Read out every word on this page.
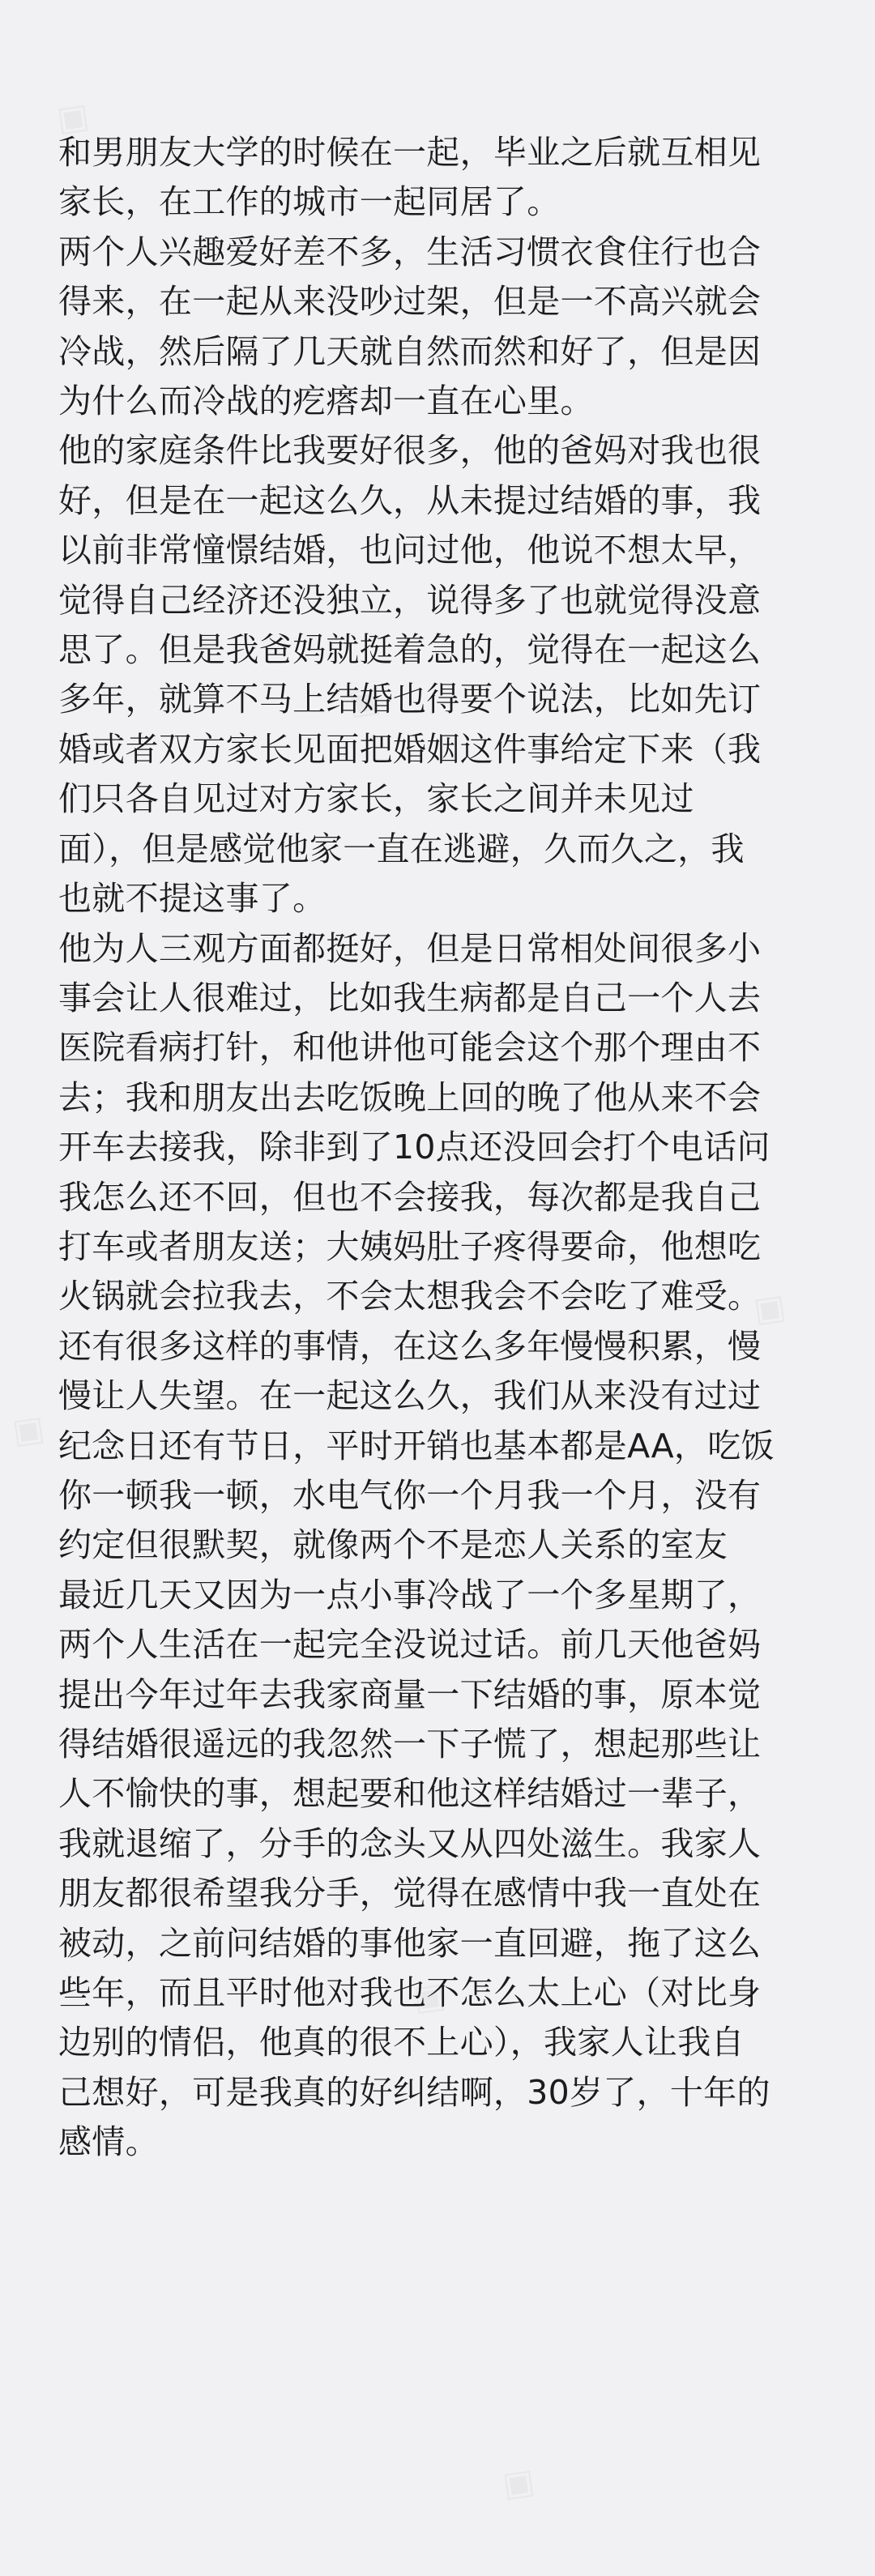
和男朋友大学的时候在一起，毕业之后就互相见
家长，在工作的城市一起同居了。
两个人兴趣爱好差不多，生活习惯衣食住行也合
得来，在一起从来没吵过架，但是一不高兴就会
冷战，然后隔了几天就自然而然和好了，但是因
为什么而冷战的疙瘩却一直在心里。
他的家庭条件比我要好很多，他的爸妈对我也很
好，但是在一起这么久，从未提过结婚的事，我
以前非常憧憬结婚，也问过他，他说不想太早，
觉得自己经济还没独立，说得多了也就觉得没意
思了。但是我爸妈就挺着急的，觉得在一起这么
多年，就算不马上结婚也得要个说法，比如先订
婚或者双方家长见面把婚姻这件事给定下来（我
们只各自见过对方家长，家长之间并未见过
面），但是感觉他家一直在逃避，久而久之，我
也就不提这事了。
他为人三观方面都挺好，但是日常相处间很多小
事会让人很难过，比如我生病都是自己一个人去
医院看病打针，和他讲他可能会这个那个理由不
去；我和朋友出去吃饭晚上回的晚了他从来不会
开车去接我，除非到了10点还没回会打个电话问
我怎么还不回，但也不会接我，每次都是我自己
打车或者朋友送；大姨妈肚子疼得要命，他想吃
火锅就会拉我去，不会太想我会不会吃了难受。
还有很多这样的事情，在这么多年慢慢积累，慢
慢让人失望。在一起这么久，我们从来没有过过
纪念日还有节日，平时开销也基本都是AA，吃饭
你一顿我一顿，水电气你一个月我一个月，没有
约定但很默契，就像两个不是恋人关系的室友
最近几天又因为一点小事冷战了一个多星期了，
两个人生活在一起完全没说过话。前几天他爸妈
提出今年过年去我家商量一下结婚的事，原本觉
得结婚很遥远的我忽然一下子慌了，想起那些让
人不愉快的事，想起要和他这样结婚过一辈子，
我就退缩了，分手的念头又从四处滋生。我家人
朋友都很希望我分手，觉得在感情中我一直处在
被动，之前问结婚的事他家一直回避，拖了这么
些年，而且平时他对我也不怎么太上心（对比身
边别的情侣，他真的很不上心），我家人让我自
己想好，可是我真的好纠结啊，30岁了，十年的
感情。
